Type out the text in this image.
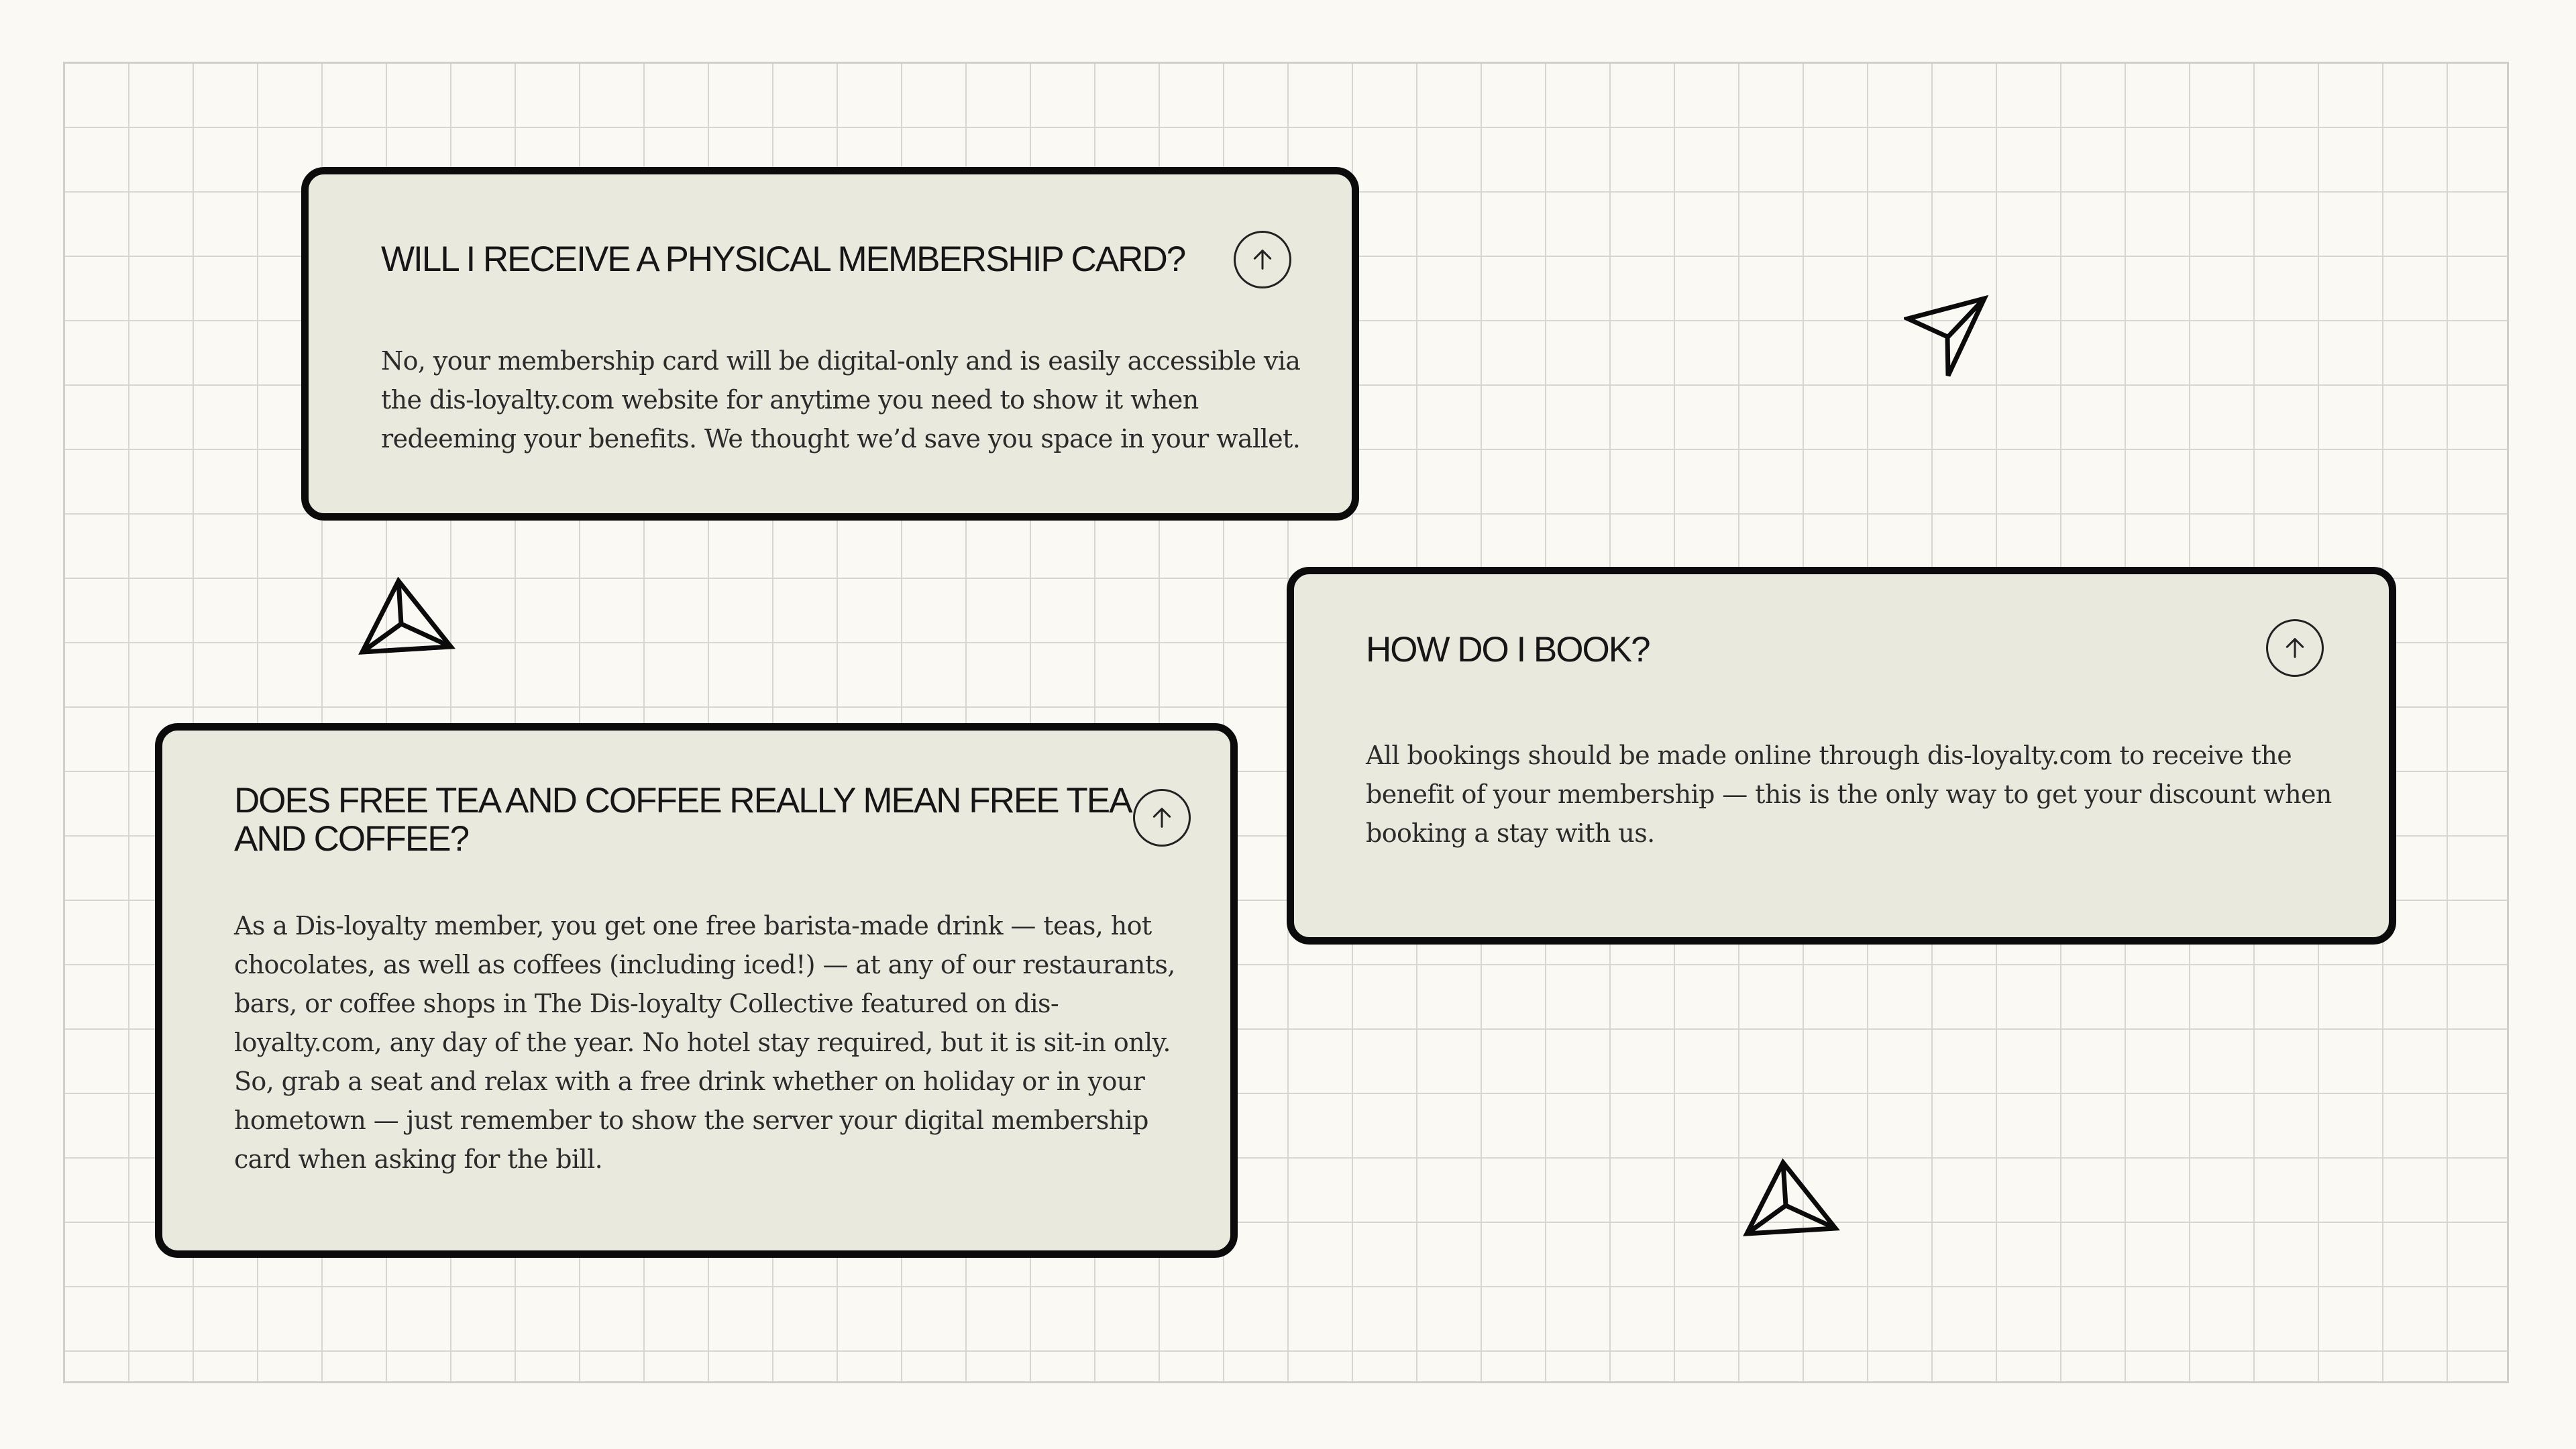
WILL I RECEIVE A PHYSICAL MEMBERSHIP CARD?

No, your membership card will be digital-only and is easily accessible via the dis-loyalty.com website for anytime you need to show it when redeeming your benefits. We thought we’d save you space in your wallet.

HOW DO I BOOK?

All bookings should be made online through dis-loyalty.com to receive the benefit of your membership — this is the only way to get your discount when booking a stay with us.

DOES FREE TEA AND COFFEE REALLY MEAN FREE TEA AND COFFEE?

As a Dis-loyalty member, you get one free barista-made drink — teas, hot chocolates, as well as coffees (including iced!) — at any of our restaurants, bars, or coffee shops in The Dis-loyalty Collective featured on dis-loyalty.com, any day of the year. No hotel stay required, but it is sit-in only. So, grab a seat and relax with a free drink whether on holiday or in your hometown — just remember to show the server your digital membership card when asking for the bill.
